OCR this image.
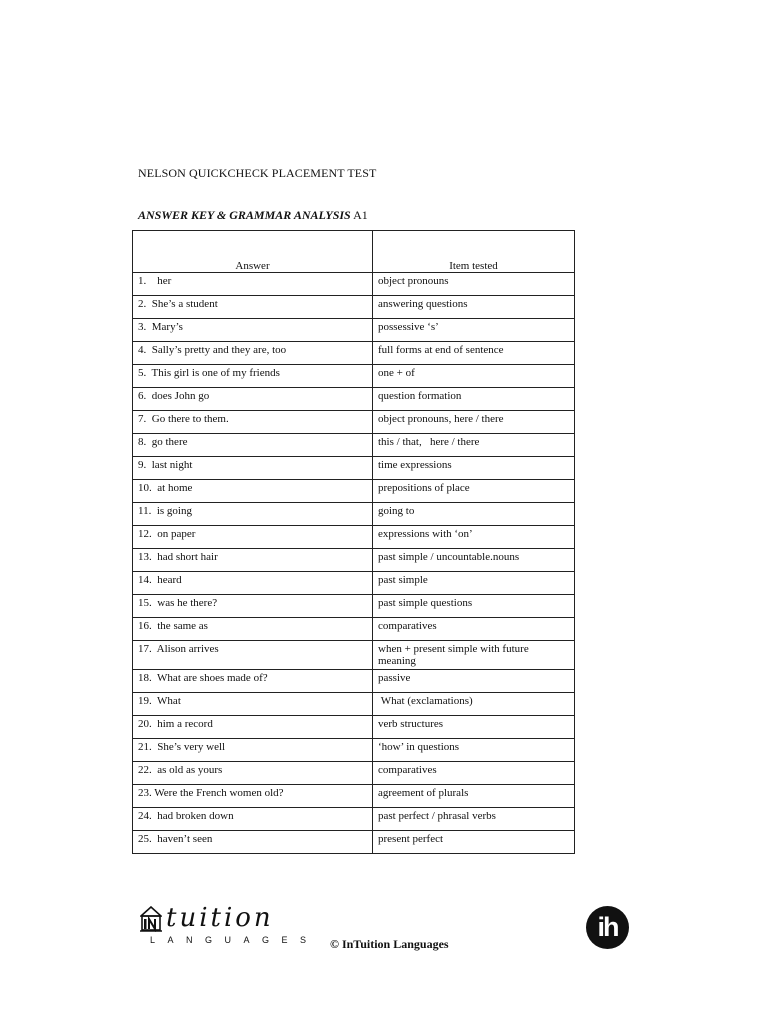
NELSON QUICKCHECK PLACEMENT TEST
ANSWER KEY & GRAMMAR ANALYSIS A1
Answer	Item tested
1.    her	object pronouns
2.  She’s a student	answering questions
3.  Mary’s	possessive ‘s’
4.  Sally’s pretty and they are, too	full forms at end of sentence
5.  This girl is one of my friends	one + of
6.  does John go	question formation
7.  Go there to them.	object pronouns, here / there
8.  go there	this / that,   here / there
9.  last night	time expressions
10.  at home	prepositions of place
11.  is going	going to
12.  on paper	expressions with ‘on’
13.  had short hair	past simple / uncountable.nouns
14.  heard	past simple
15.  was he there?	past simple questions
16.  the same as	comparatives
17.  Alison arrives	when + present simple with future meaning
18.  What are shoes made of?	passive
19.  What	What (exclamations)
20.  him a record	verb structures
21.  She’s very well	‘how’ in questions
22.  as old as yours	comparatives
23. Were the French women old?	agreement of plurals
24.  had broken down	past perfect / phrasal verbs
25.  haven’t seen	present perfect
tuition
LANGUAGES © InTuition Languages
ih
